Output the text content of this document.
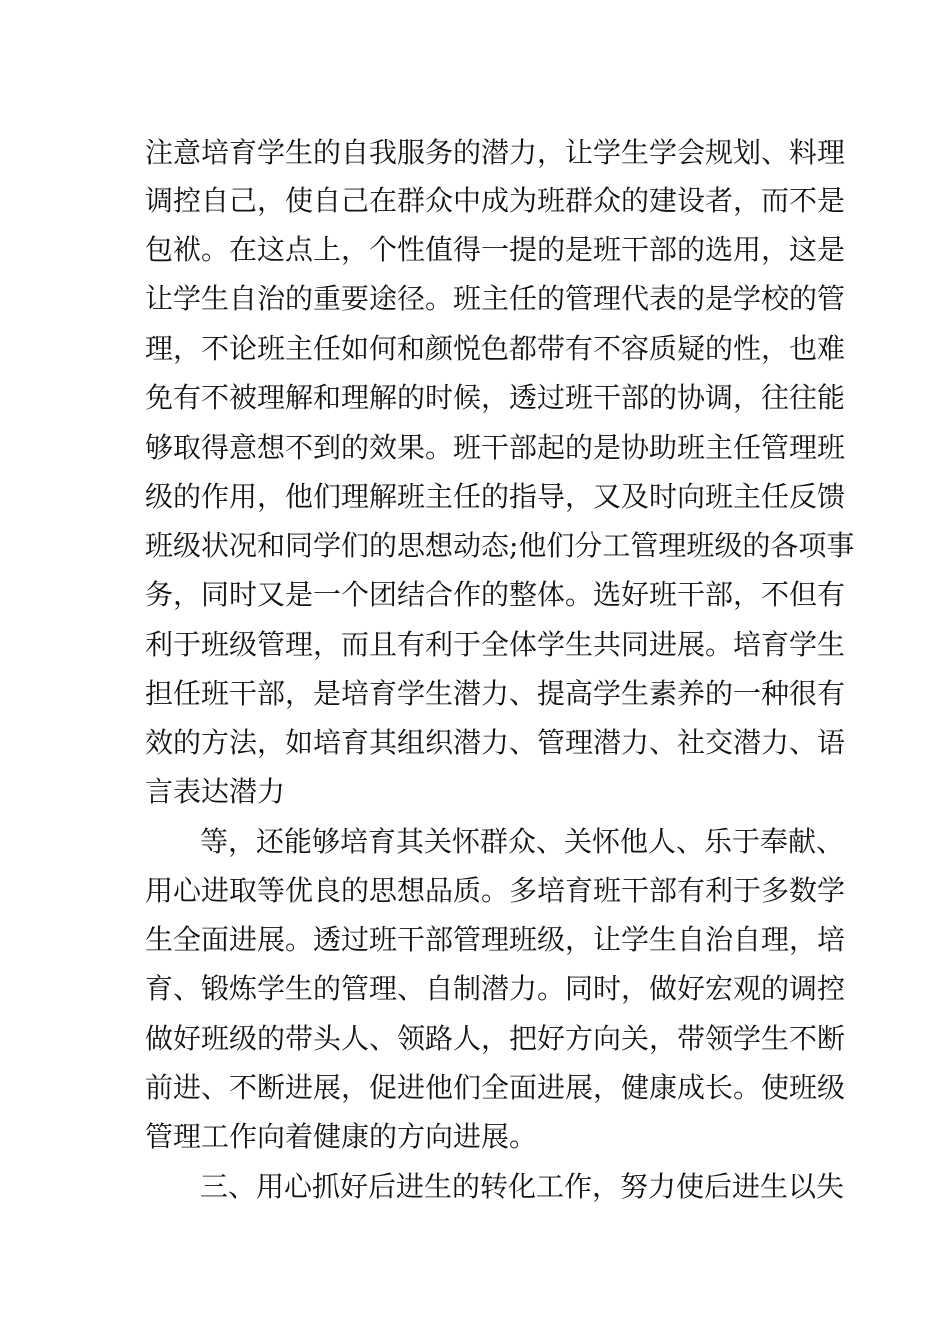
注意培育学生的自我服务的潜力，让学生学会规划、料理
调控自己，使自己在群众中成为班群众的建设者，而不是
包袱。在这点上，个性值得一提的是班干部的选用，这是
让学生自治的重要途径。班主任的管理代表的是学校的管
理，不论班主任如何和颜悦色都带有不容质疑的性，也难
免有不被理解和理解的时候，透过班干部的协调，往往能
够取得意想不到的效果。班干部起的是协助班主任管理班
级的作用，他们理解班主任的指导，又及时向班主任反馈
班级状况和同学们的思想动态;他们分工管理班级的各项事
务，同时又是一个团结合作的整体。选好班干部，不但有
利于班级管理，而且有利于全体学生共同进展。培育学生
担任班干部，是培育学生潜力、提高学生素养的一种很有
效的方法，如培育其组织潜力、管理潜力、社交潜力、语
言表达潜力
等，还能够培育其关怀群众、关怀他人、乐于奉献、
用心进取等优良的思想品质。多培育班干部有利于多数学
生全面进展。透过班干部管理班级，让学生自治自理，培
育、锻炼学生的管理、自制潜力。同时，做好宏观的调控
做好班级的带头人、领路人，把好方向关，带领学生不断
前进、不断进展，促进他们全面进展，健康成长。使班级
管理工作向着健康的方向进展。
三、用心抓好后进生的转化工作，努力使后进生以失
